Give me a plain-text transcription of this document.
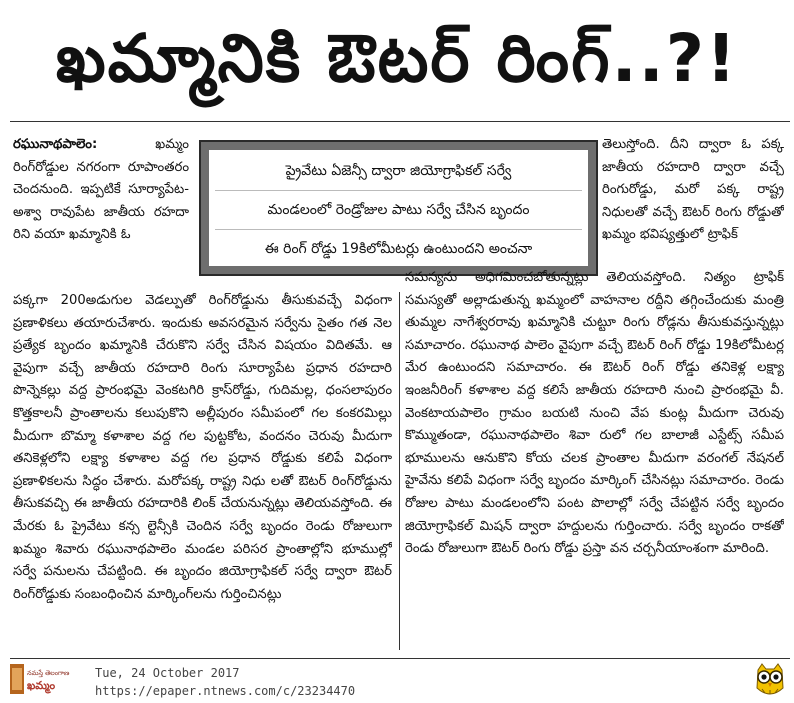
ఖమ్మానికి ఔటర్ రింగ్..?!

రఘునాథపాలెం:	ఖమ్మం రింగ్‌రోడ్డుల నగరంగా రూపాంతరం చెందనుంది. ఇప్పటికే సూర్యాపేట-అశ్వా రావుపేట జాతీయ రహదా రిని వయా ఖమ్మానికి ఓ

ప్రైవేటు ఏజెన్సీ ద్వారా జియోగ్రాఫికల్ సర్వే
మండలంలో రెండ్రోజుల పాటు సర్వే చేసిన బృందం
ఈ రింగ్ రోడ్డు 19కిలోమీటర్లు ఉంటుందని అంచనా

తెలుస్తోంది. దీని ద్వారా ఓ పక్క జాతీయ రహదారి ద్వారా వచ్చే రింగురోడ్డు, మరో పక్క రాష్ట్ర నిధులతో వచ్చే ఔటర్ రింగు రోడ్డుతో ఖమ్మం భవిష్యత్తులో ట్రాఫిక్

పక్కగా 200అడుగుల వెడల్పుతో రింగ్‌రోడ్డును తీసుకువచ్చే విధంగా ప్రణాళికలు తయారుచేశారు. ఇందుకు అవసరమైన సర్వేను సైతం గత నెల ప్రత్యేక బృందం ఖమ్మానికి చేరుకొని సర్వే చేసిన విషయం విదితమే. ఆ వైపుగా వచ్చే జాతీయ రహదారి రింగు సూర్యాపేట ప్రధాన రహదారి పొన్నెకల్లు వద్ద ప్రారంభమై వెంకటగిరి క్రాస్‌రోడ్డు, గుదిమల్ల, ధంసలాపురం కొత్తకాలనీ ప్రాంతాలను కలుపుకొని అల్లీపురం సమీపంలో గల కంకరమిల్లు మీదుగా బొమ్మా కళాశాల వద్ద గల పుట్టకోట, వందనం చెరువు మీదుగా తనికెళ్లలోని లక్ష్యా కళాశాల వద్ద గల ప్రధాన రోడ్డుకు కలిపే విధంగా ప్రణాళికలను సిద్ధం చేశారు. మరోపక్క రాష్ట్ర నిధు లతో ఔటర్ రింగ్‌రోడ్డును తీసుకవచ్చి ఈ జాతీయ రహదారికి లింక్ చేయనున్నట్లు తెలియవస్తోంది. ఈ మేరకు ఓ ప్రైవేటు కన్స ల్టెన్సీకి చెందిన సర్వే బృందం రెండు రోజులుగా ఖమ్మం శివారు రఘునాథపాలెం మండల పరిసర ప్రాంతాల్లోని భూముల్లో సర్వే పనులను చేపట్టింది. ఈ బృందం జియోగ్రాఫికల్ సర్వే ద్వారా ఔటర్ రింగ్‌రోడ్డుకు సంబంధించిన మార్కింగ్‌లను గుర్తించినట్లు

సమస్యను అధిగమించబోతున్నట్లు తెలియవస్తోంది. నిత్యం ట్రాఫిక్ సమస్యతో అల్లాడుతున్న ఖమ్మంలో వాహనాల రద్దీని తగ్గించేందుకు మంత్రి తుమ్మల నాగేశ్వరరావు ఖమ్మానికి చుట్టూ రింగు రోడ్లను తీసుకువస్తున్నట్లు సమాచారం. రఘునాథ పాలెం వైపుగా వచ్చే ఔటర్ రింగ్ రోడ్డు 19కిలోమీటర్ల మేర ఉంటుందని సమాచారం. ఈ ఔటర్ రింగ్ రోడ్డు తనికెళ్ల లక్ష్యా ఇంజనీరింగ్ కళాశాల వద్ద కలిసే జాతీయ రహదారి నుంచి ప్రారంభమై వీ. వెంకటాయపాలెం గ్రామం బయటి నుంచి వేప కుంట్ల మీదుగా చెరువు కొమ్ముతండా, రఘునాథపాలెం శివా రులో గల బాలాజీ ఎస్టేట్స్ సమీప భూములను ఆనుకొని కోయ చలక ప్రాంతాల మీదుగా వరంగల్ నేషనల్ హైవేను కలిపే విధంగా సర్వే బృందం మార్కింగ్ చేసినట్లు సమాచారం. రెండు రోజుల పాటు మండలంలోని పంట పొలాల్లో సర్వే చేపట్టిన సర్వే బృందం జియోగ్రాఫికల్ మిషన్ ద్వారా హద్దులను గుర్తించారు. సర్వే బృందం రాకతో రెండు రోజులుగా ఔటర్ రింగు రోడ్డు ప్రస్తా వన చర్చనీయాంశంగా మారింది.

నమస్తే తెలంగాణ
ఖమ్మం
Tue, 24 October 2017
https://epaper.ntnews.com/c/23234470
